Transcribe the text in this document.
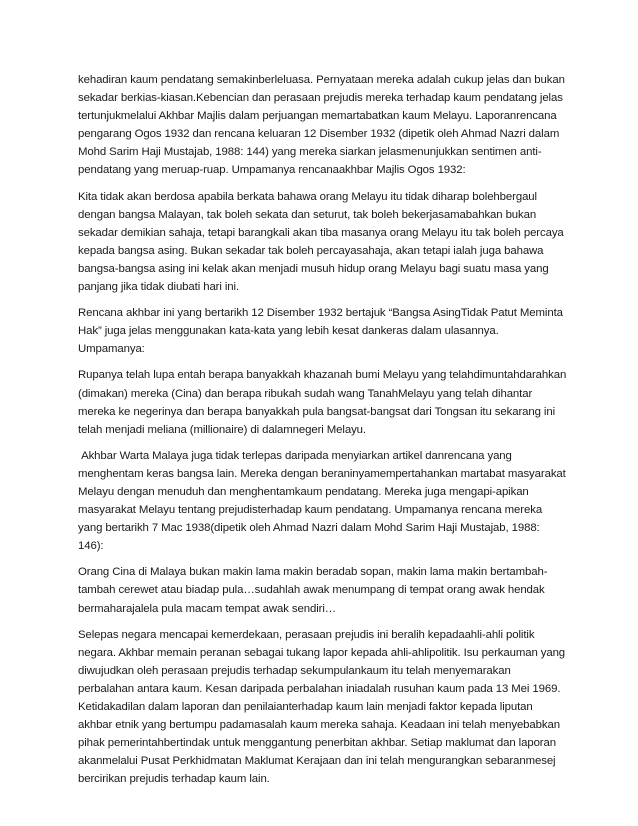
kehadiran kaum pendatang semakinberleluasa. Pernyataan mereka adalah cukup jelas dan bukan sekadar berkias-kiasan.Kebencian dan perasaan prejudis mereka terhadap kaum pendatang jelas tertunjukmelalui Akhbar Majlis dalam perjuangan memartabatkan kaum Melayu. Laporanrencana pengarang Ogos 1932 dan rencana keluaran 12 Disember 1932 (dipetik oleh Ahmad Nazri dalam Mohd Sarim Haji Mustajab, 1988: 144) yang mereka siarkan jelasmenunjukkan sentimen anti-pendatang yang meruap-ruap. Umpamanya rencanaakhbar Majlis Ogos 1932:

Kita tidak akan berdosa apabila berkata bahawa orang Melayu itu tidak diharap bolehbergaul dengan bangsa Malayan, tak boleh sekata dan seturut, tak boleh bekerjasamabahkan bukan sekadar demikian sahaja, tetapi barangkali akan tiba masanya orang Melayu itu tak boleh percaya kepada bangsa asing. Bukan sekadar tak boleh percayasahaja, akan tetapi ialah juga bahawa bangsa-bangsa asing ini kelak akan menjadi musuh hidup orang Melayu bagi suatu masa yang panjang jika tidak diubati hari ini.

Rencana akhbar ini yang bertarikh 12 Disember 1932 bertajuk “Bangsa AsingTidak Patut Meminta Hak” juga jelas menggunakan kata-kata yang lebih kesat dankeras dalam ulasannya. Umpamanya:

Rupanya telah lupa entah berapa banyakkah khazanah bumi Melayu yang telahdimuntahdarahkan (dimakan) mereka (Cina) dan berapa ribukah sudah wang TanahMelayu yang telah dihantar mereka ke negerinya dan berapa banyakkah pula bangsat-bangsat dari Tongsan itu sekarang ini telah menjadi meliana (millionaire) di dalamnegeri Melayu.

Akhbar Warta Malaya juga tidak terlepas daripada menyiarkan artikel danrencana yang menghentam keras bangsa lain. Mereka dengan beraninyamempertahankan martabat masyarakat Melayu dengan menuduh dan menghentamkaum pendatang. Mereka juga mengapi-apikan masyarakat Melayu tentang prejudisterhadap kaum pendatang. Umpamanya rencana mereka yang bertarikh 7 Mac 1938(dipetik oleh Ahmad Nazri dalam Mohd Sarim Haji Mustajab, 1988: 146):

Orang Cina di Malaya bukan makin lama makin beradab sopan, makin lama makin bertambah-tambah cerewet atau biadap pula…sudahlah awak menumpang di tempat orang awak hendak bermaharajalela pula macam tempat awak sendiri…

Selepas negara mencapai kemerdekaan, perasaan prejudis ini beralih kepadaahli-ahli politik negara. Akhbar memain peranan sebagai tukang lapor kepada ahli-ahlipolitik. Isu perkauman yang diwujudkan oleh perasaan prejudis terhadap sekumpulankaum itu telah menyemarakan perbalahan antara kaum. Kesan daripada perbalahan iniadalah rusuhan kaum pada 13 Mei 1969. Ketidakadilan dalam laporan dan penilaianterhadap kaum lain menjadi faktor kepada liputan akhbar etnik yang bertumpu padamasalah kaum mereka sahaja. Keadaan ini telah menyebabkan pihak pemerintahbertindak untuk menggantung penerbitan akhbar. Setiap maklumat dan laporan akanmelalui Pusat Perkhidmatan Maklumat Kerajaan dan ini telah mengurangkan sebaranmesej bercirikan prejudis terhadap kaum lain.
